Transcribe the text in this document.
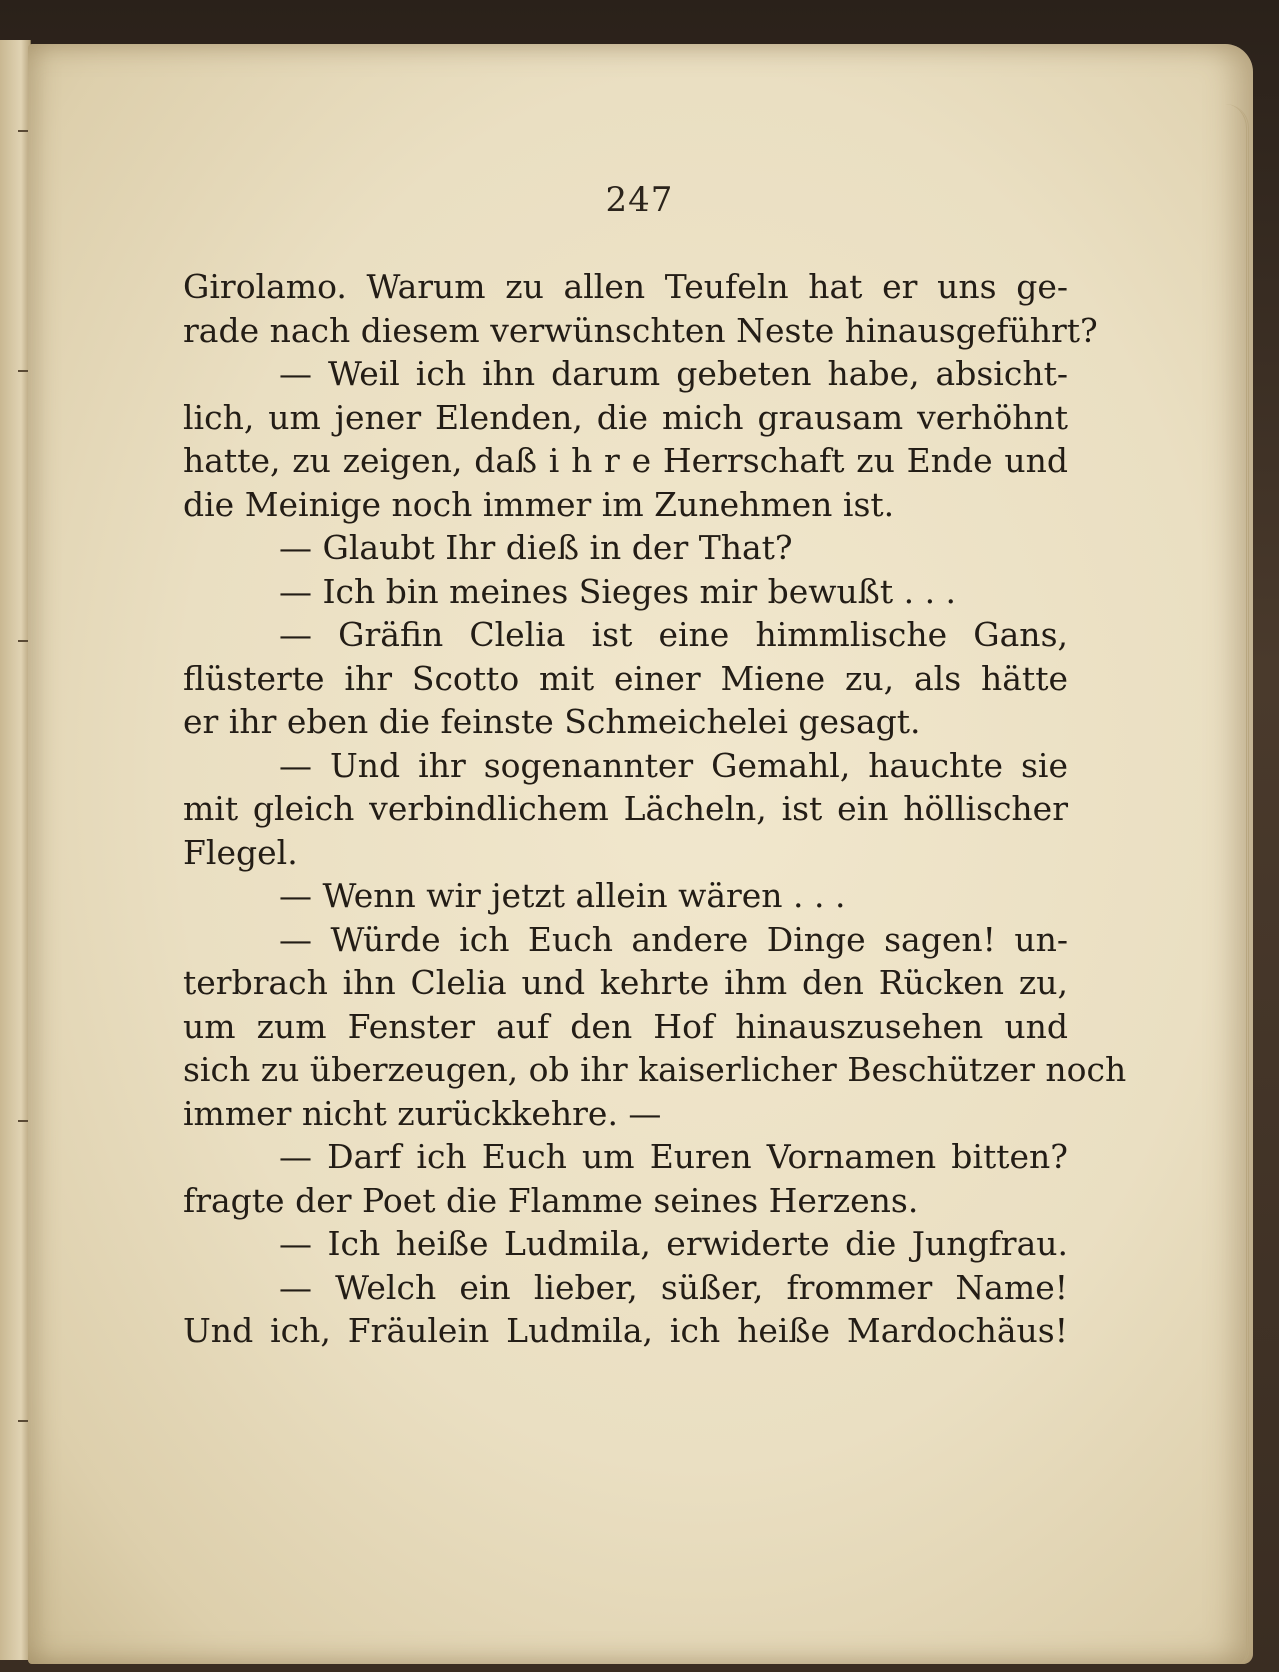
247
Girolamo. Warum zu allen Teufeln hat er uns ge-
rade nach diesem verwünschten Neste hinausgeführt?
— Weil ich ihn darum gebeten habe, absicht-
lich, um jener Elenden, die mich grausam verhöhnt
hatte, zu zeigen, daß i h r e Herrschaft zu Ende und
die Meinige noch immer im Zunehmen ist.
— Glaubt Ihr dieß in der That?
— Ich bin meines Sieges mir bewußt . . .
— Gräfin Clelia ist eine himmlische Gans,
flüsterte ihr Scotto mit einer Miene zu, als hätte
er ihr eben die feinste Schmeichelei gesagt.
— Und ihr sogenannter Gemahl, hauchte sie
mit gleich verbindlichem Lächeln, ist ein höllischer
Flegel.
— Wenn wir jetzt allein wären . . .
— Würde ich Euch andere Dinge sagen! un-
terbrach ihn Clelia und kehrte ihm den Rücken zu,
um zum Fenster auf den Hof hinauszusehen und
sich zu überzeugen, ob ihr kaiserlicher Beschützer noch
immer nicht zurückkehre. —
— Darf ich Euch um Euren Vornamen bitten?
fragte der Poet die Flamme seines Herzens.
— Ich heiße Ludmila, erwiderte die Jungfrau.
— Welch ein lieber, süßer, frommer Name!
Und ich, Fräulein Ludmila, ich heiße Mardochäus!
